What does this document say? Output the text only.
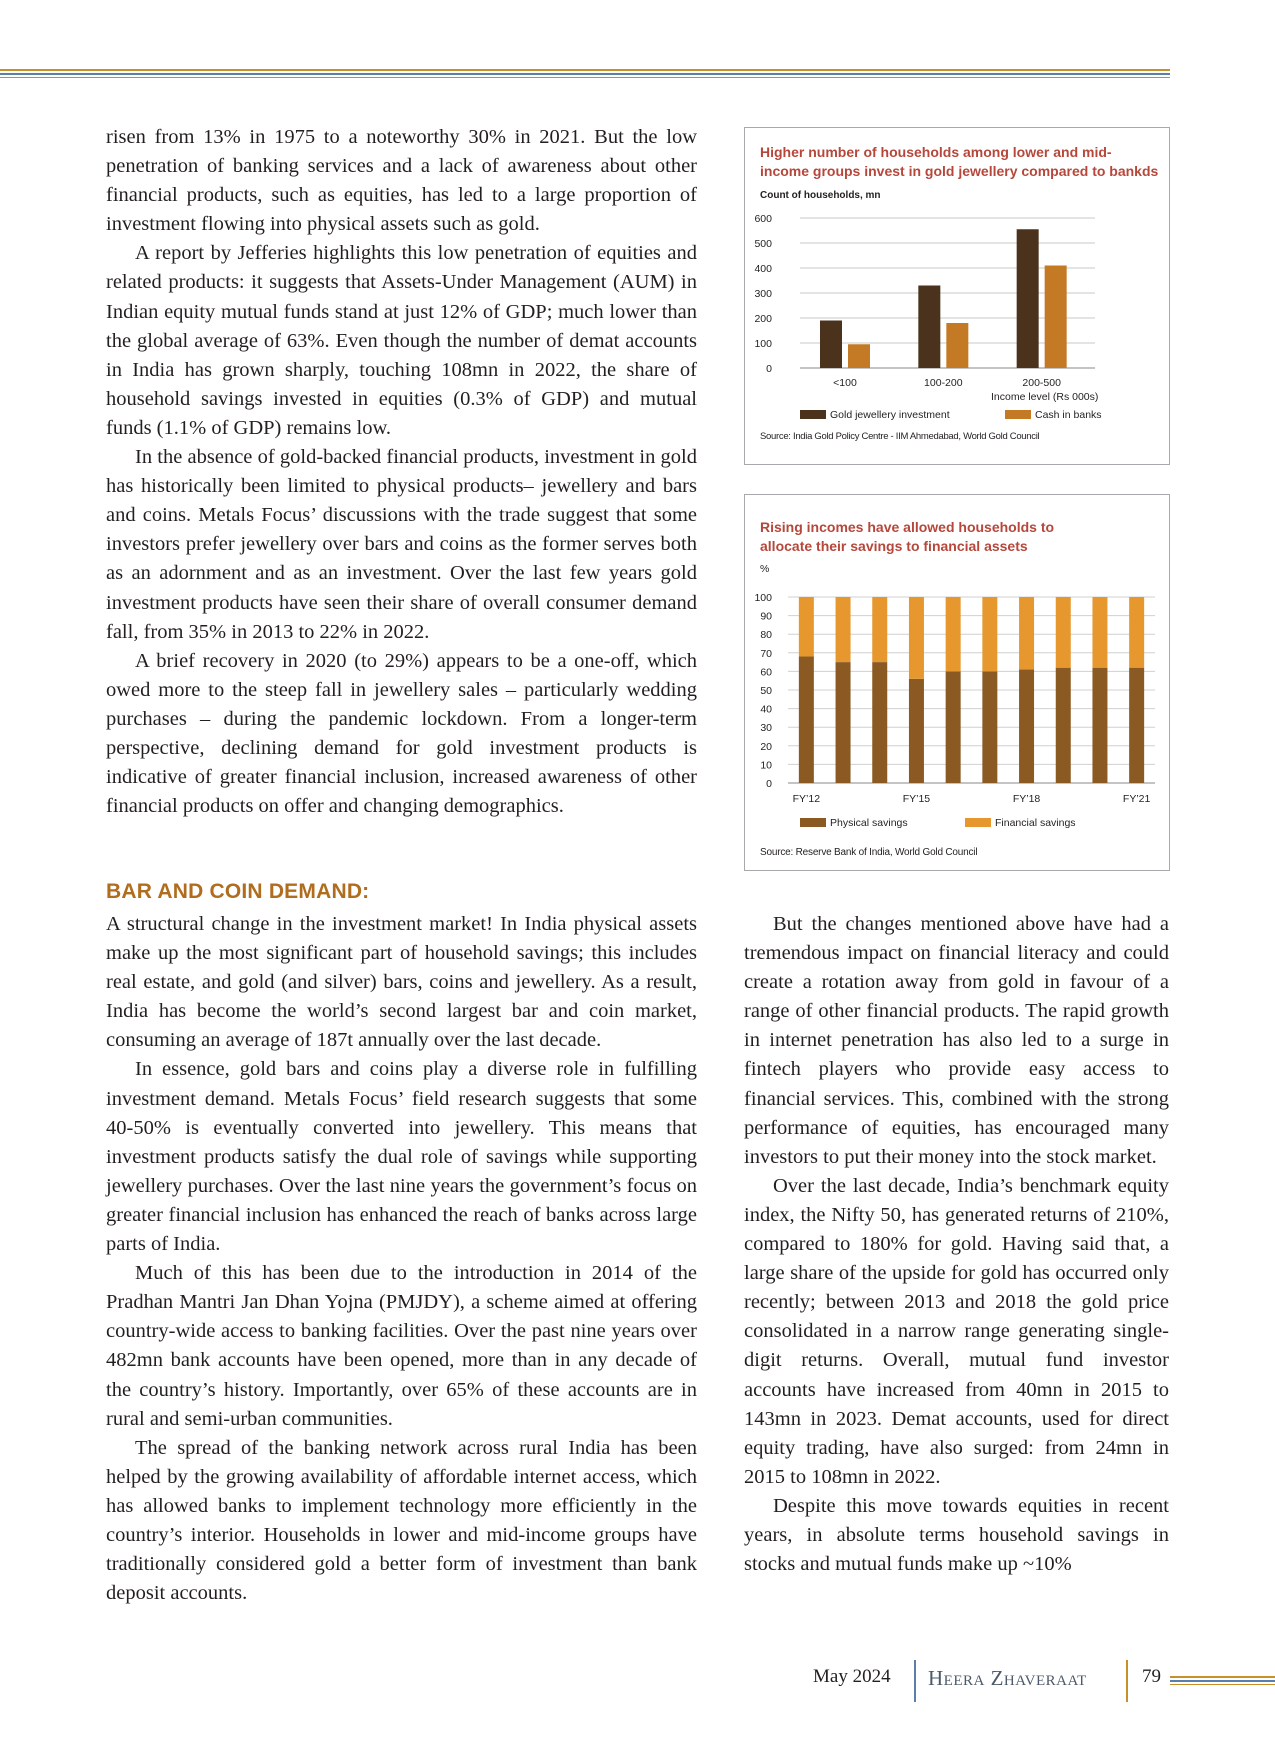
risen from 13% in 1975 to a noteworthy 30% in 2021. But the low penetration of banking services and a lack of awareness about other financial products, such as equities, has led to a large proportion of investment flowing into physical assets such as gold.

A report by Jefferies highlights this low penetration of equities and related products: it suggests that Assets-Under Management (AUM) in Indian equity mutual funds stand at just 12% of GDP; much lower than the global average of 63%. Even though the number of demat accounts in India has grown sharply, touching 108mn in 2022, the share of household savings invested in equities (0.3% of GDP) and mutual funds (1.1% of GDP) remains low.

In the absence of gold-backed financial products, investment in gold has historically been limited to physical products– jewellery and bars and coins. Metals Focus’ discussions with the trade suggest that some investors prefer jewellery over bars and coins as the former serves both as an adornment and as an investment. Over the last few years gold investment products have seen their share of overall consumer demand fall, from 35% in 2013 to 22% in 2022.

A brief recovery in 2020 (to 29%) appears to be a one-off, which owed more to the steep fall in jewellery sales – particularly wedding purchases – during the pandemic lockdown. From a longer-term perspective, declining demand for gold investment products is indicative of greater financial inclusion, increased awareness of other financial products on offer and changing demographics.

BAR AND COIN DEMAND:

A structural change in the investment market! In India physical assets make up the most significant part of household savings; this includes real estate, and gold (and silver) bars, coins and jewellery. As a result, India has become the world’s second largest bar and coin market, consuming an average of 187t annually over the last decade.

In essence, gold bars and coins play a diverse role in fulfilling investment demand. Metals Focus’ field research suggests that some 40-50% is eventually converted into jewellery. This means that investment products satisfy the dual role of savings while supporting jewellery purchases. Over the last nine years the government’s focus on greater financial inclusion has enhanced the reach of banks across large parts of India.

Much of this has been due to the introduction in 2014 of the Pradhan Mantri Jan Dhan Yojna (PMJDY), a scheme aimed at offering country-wide access to banking facilities. Over the past nine years over 482mn bank accounts have been opened, more than in any decade of the country’s history. Importantly, over 65% of these accounts are in rural and semi-urban communities.

The spread of the banking network across rural India has been helped by the growing availability of affordable internet access, which has allowed banks to implement technology more efficiently in the country’s interior. Households in lower and mid-income groups have traditionally considered gold a better form of investment than bank deposit accounts.

But the changes mentioned above have had a tremendous impact on financial literacy and could create a rotation away from gold in favour of a range of other financial products. The rapid growth in internet penetration has also led to a surge in fintech players who provide easy access to financial services. This, combined with the strong performance of equities, has encouraged many investors to put their money into the stock market.

Over the last decade, India’s benchmark equity index, the Nifty 50, has generated returns of 210%, compared to 180% for gold. Having said that, a large share of the upside for gold has occurred only recently; between 2013 and 2018 the gold price consolidated in a narrow range generating single-digit returns. Overall, mutual fund investor accounts have increased from 40mn in 2015 to 143mn in 2023. Demat accounts, used for direct equity trading, have also surged: from 24mn in 2015 to 108mn in 2022.

Despite this move towards equities in recent years, in absolute terms household savings in stocks and mutual funds make up ~10%

Higher number of households among lower and mid-income groups invest in gold jewellery compared to bankds
Count of households, mn
0
100
200
300
400
500
600
<100	100-200	200-500
Gold jewellery investment	Cash in banks
Income level (Rs 000s)
Source: India Gold Policy Centre - IIM Ahmedabad, World Gold Council
Rising incomes have allowed households to allocate their savings to financial assets
%
0
10
20
30
40
50
60
70
80
90
100
FY’12	FY’15	FY’18	FY’21
Physical savings	Financial savings
Source: Reserve Bank of India, World Gold Council
May 2024 Heera Zhaveraat	79
